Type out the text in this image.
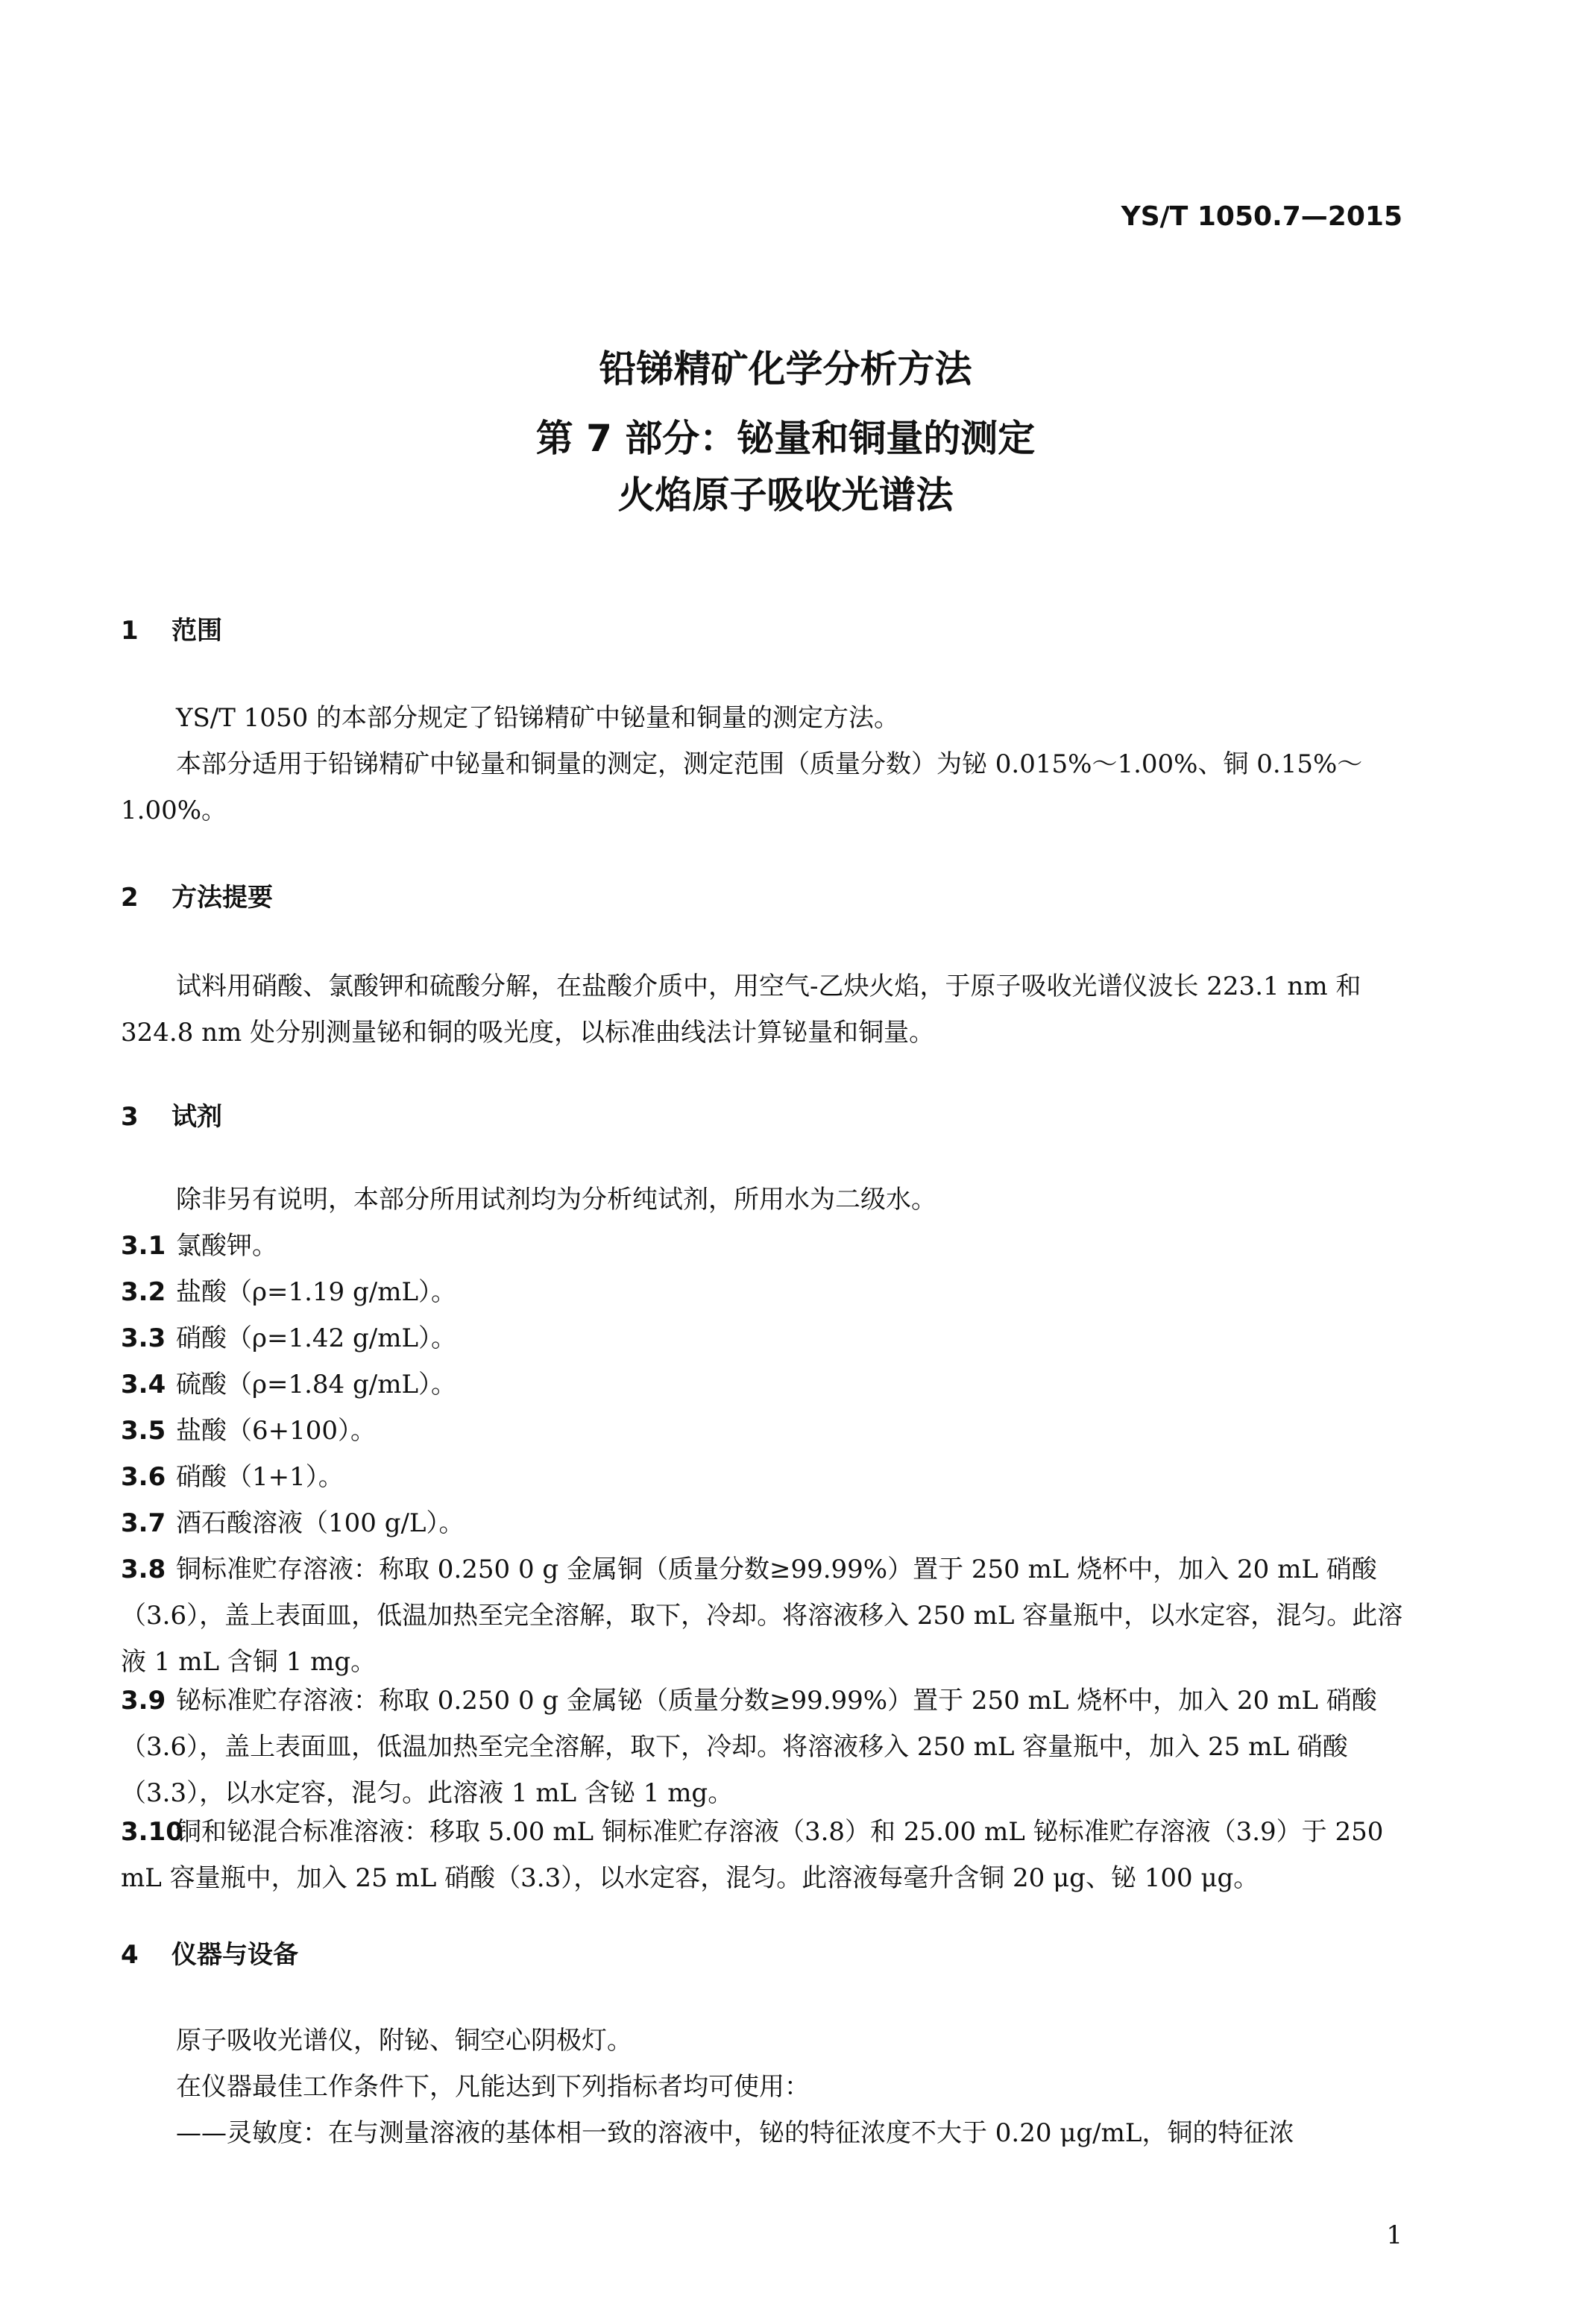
YS/T 1050.7—2015
铅锑精矿化学分析方法
第 7 部分：铋量和铜量的测定
火焰原子吸收光谱法
1 范围
YS/T 1050 的本部分规定了铅锑精矿中铋量和铜量的测定方法。
本部分适用于铅锑精矿中铋量和铜量的测定，测定范围（质量分数）为铋 0.015%～1.00%、铜 0.15%～1.00%。
2 方法提要
试料用硝酸、氯酸钾和硫酸分解，在盐酸介质中，用空气-乙炔火焰，于原子吸收光谱仪波长 223.1 nm 和 324.8 nm 处分别测量铋和铜的吸光度，以标准曲线法计算铋量和铜量。
3 试剂
除非另有说明，本部分所用试剂均为分析纯试剂，所用水为二级水。
3.1 氯酸钾。
3.2 盐酸（ρ=1.19 g/mL）。
3.3 硝酸（ρ=1.42 g/mL）。
3.4 硫酸（ρ=1.84 g/mL）。
3.5 盐酸（6+100）。
3.6 硝酸（1+1）。
3.7 酒石酸溶液（100 g/L）。
3.8 铜标准贮存溶液：称取 0.250 0 g 金属铜（质量分数≥99.99%）置于 250 mL 烧杯中，加入 20 mL 硝酸（3.6），盖上表面皿，低温加热至完全溶解，取下，冷却。将溶液移入 250 mL 容量瓶中，以水定容，混匀。此溶液 1 mL 含铜 1 mg。
3.9 铋标准贮存溶液：称取 0.250 0 g 金属铋（质量分数≥99.99%）置于 250 mL 烧杯中，加入 20 mL 硝酸（3.6），盖上表面皿，低温加热至完全溶解，取下，冷却。将溶液移入 250 mL 容量瓶中，加入 25 mL 硝酸（3.3），以水定容，混匀。此溶液 1 mL 含铋 1 mg。
3.10铜和铋混合标准溶液：移取 5.00 mL 铜标准贮存溶液（3.8）和 25.00 mL 铋标准贮存溶液（3.9）于 250 mL 容量瓶中，加入 25 mL 硝酸（3.3），以水定容，混匀。此溶液每毫升含铜 20 μg、铋 100 μg。
4 仪器与设备
原子吸收光谱仪，附铋、铜空心阴极灯。
在仪器最佳工作条件下，凡能达到下列指标者均可使用：
——灵敏度：在与测量溶液的基体相一致的溶液中，铋的特征浓度不大于 0.20 μg/mL，铜的特征浓
1
